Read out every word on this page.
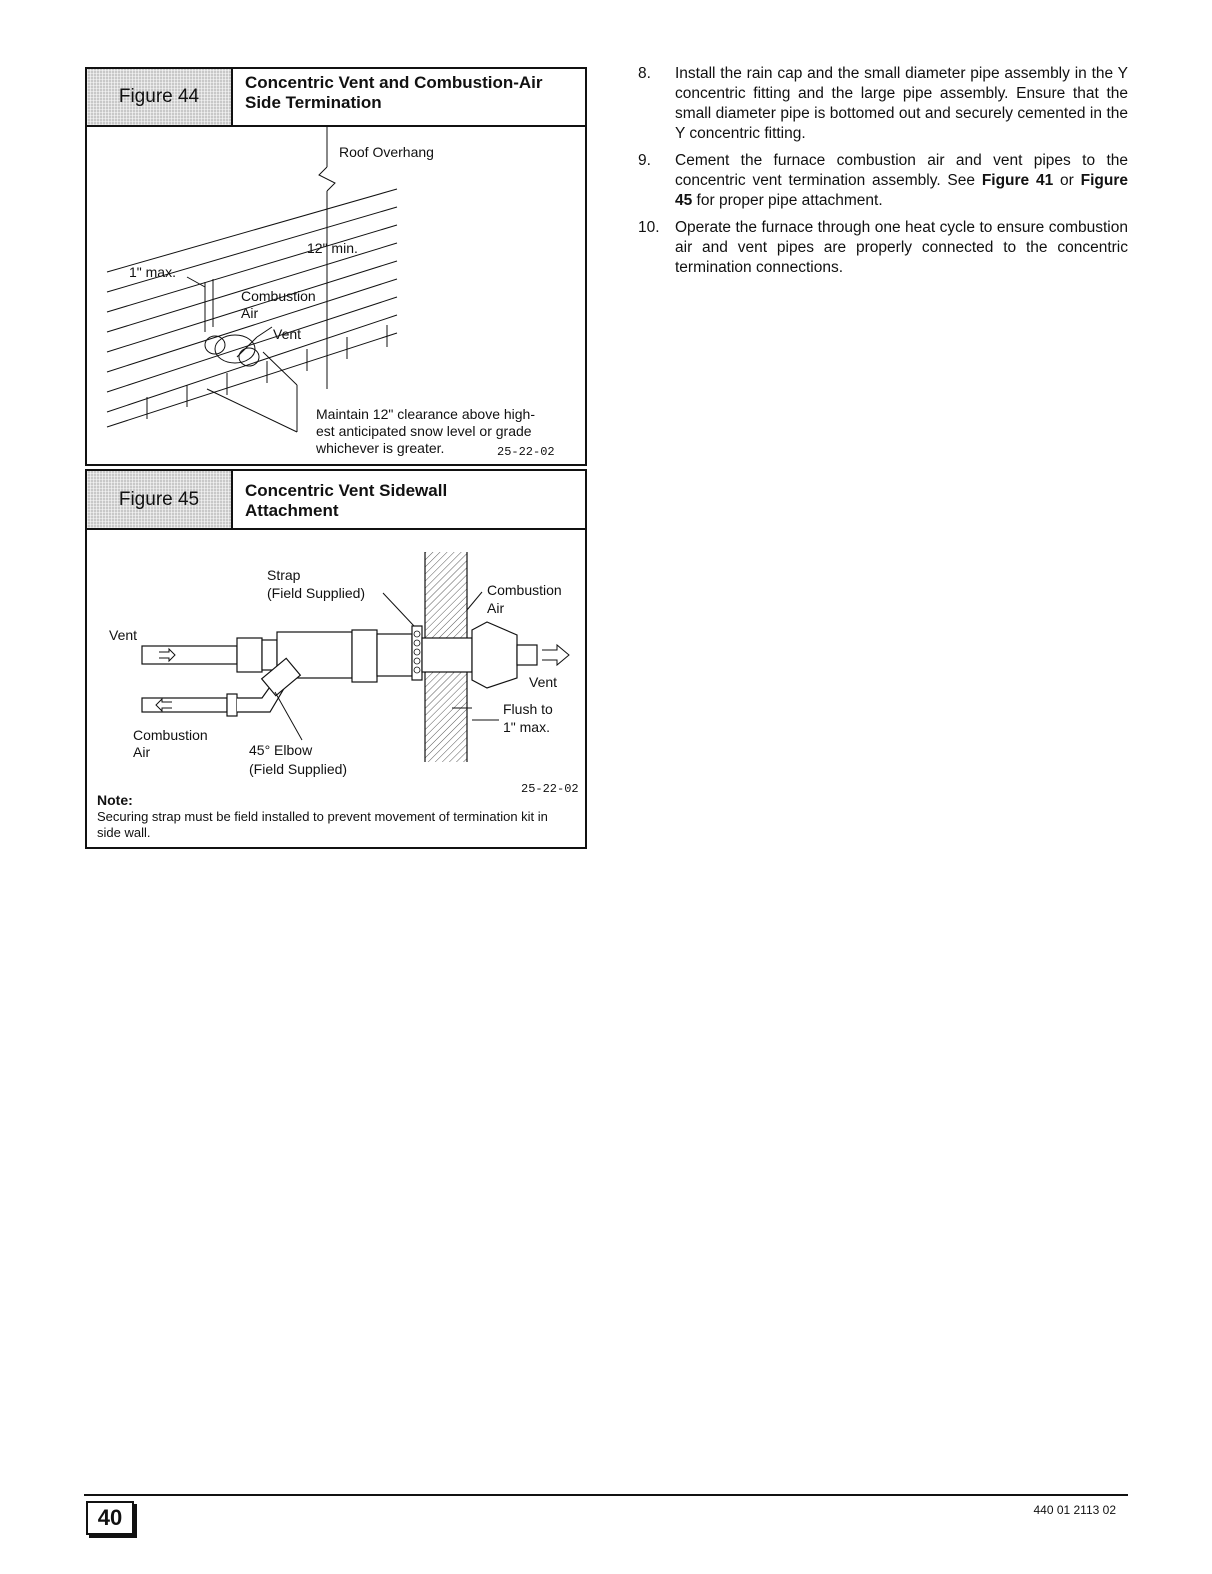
Figure 44
Concentric Vent and Combustion-Air
Side Termination
Roof Overhang
12" min.
1" max.
Combustion
Air
Vent
Maintain 12" clearance above high-
est anticipated snow level or grade
whichever is greater.	25-22-02
Figure 45	Concentric Vent Sidewall
Attachment
Strap
(Field Supplied)	Combustion
Air
Vent
Vent
Flush to
1" max.
Combustion
Air	45° Elbow
(Field Supplied)
25-22-02
Note:
Securing strap must be field installed to prevent movement of termination kit in side wall.
8. Install the rain cap and the small diameter pipe assembly in the Y concentric fitting and the large pipe assembly. Ensure that the small diameter pipe is bottomed out and securely cemented in the Y concentric fitting.
9. Cement the furnace combustion air and vent pipes to the concentric vent termination assembly. See Figure 41 or Figure 45 for proper pipe attachment.
10. Operate the furnace through one heat cycle to ensure combustion air and vent pipes are properly connected to the concentric termination connections.
40	440 01 2113 02
